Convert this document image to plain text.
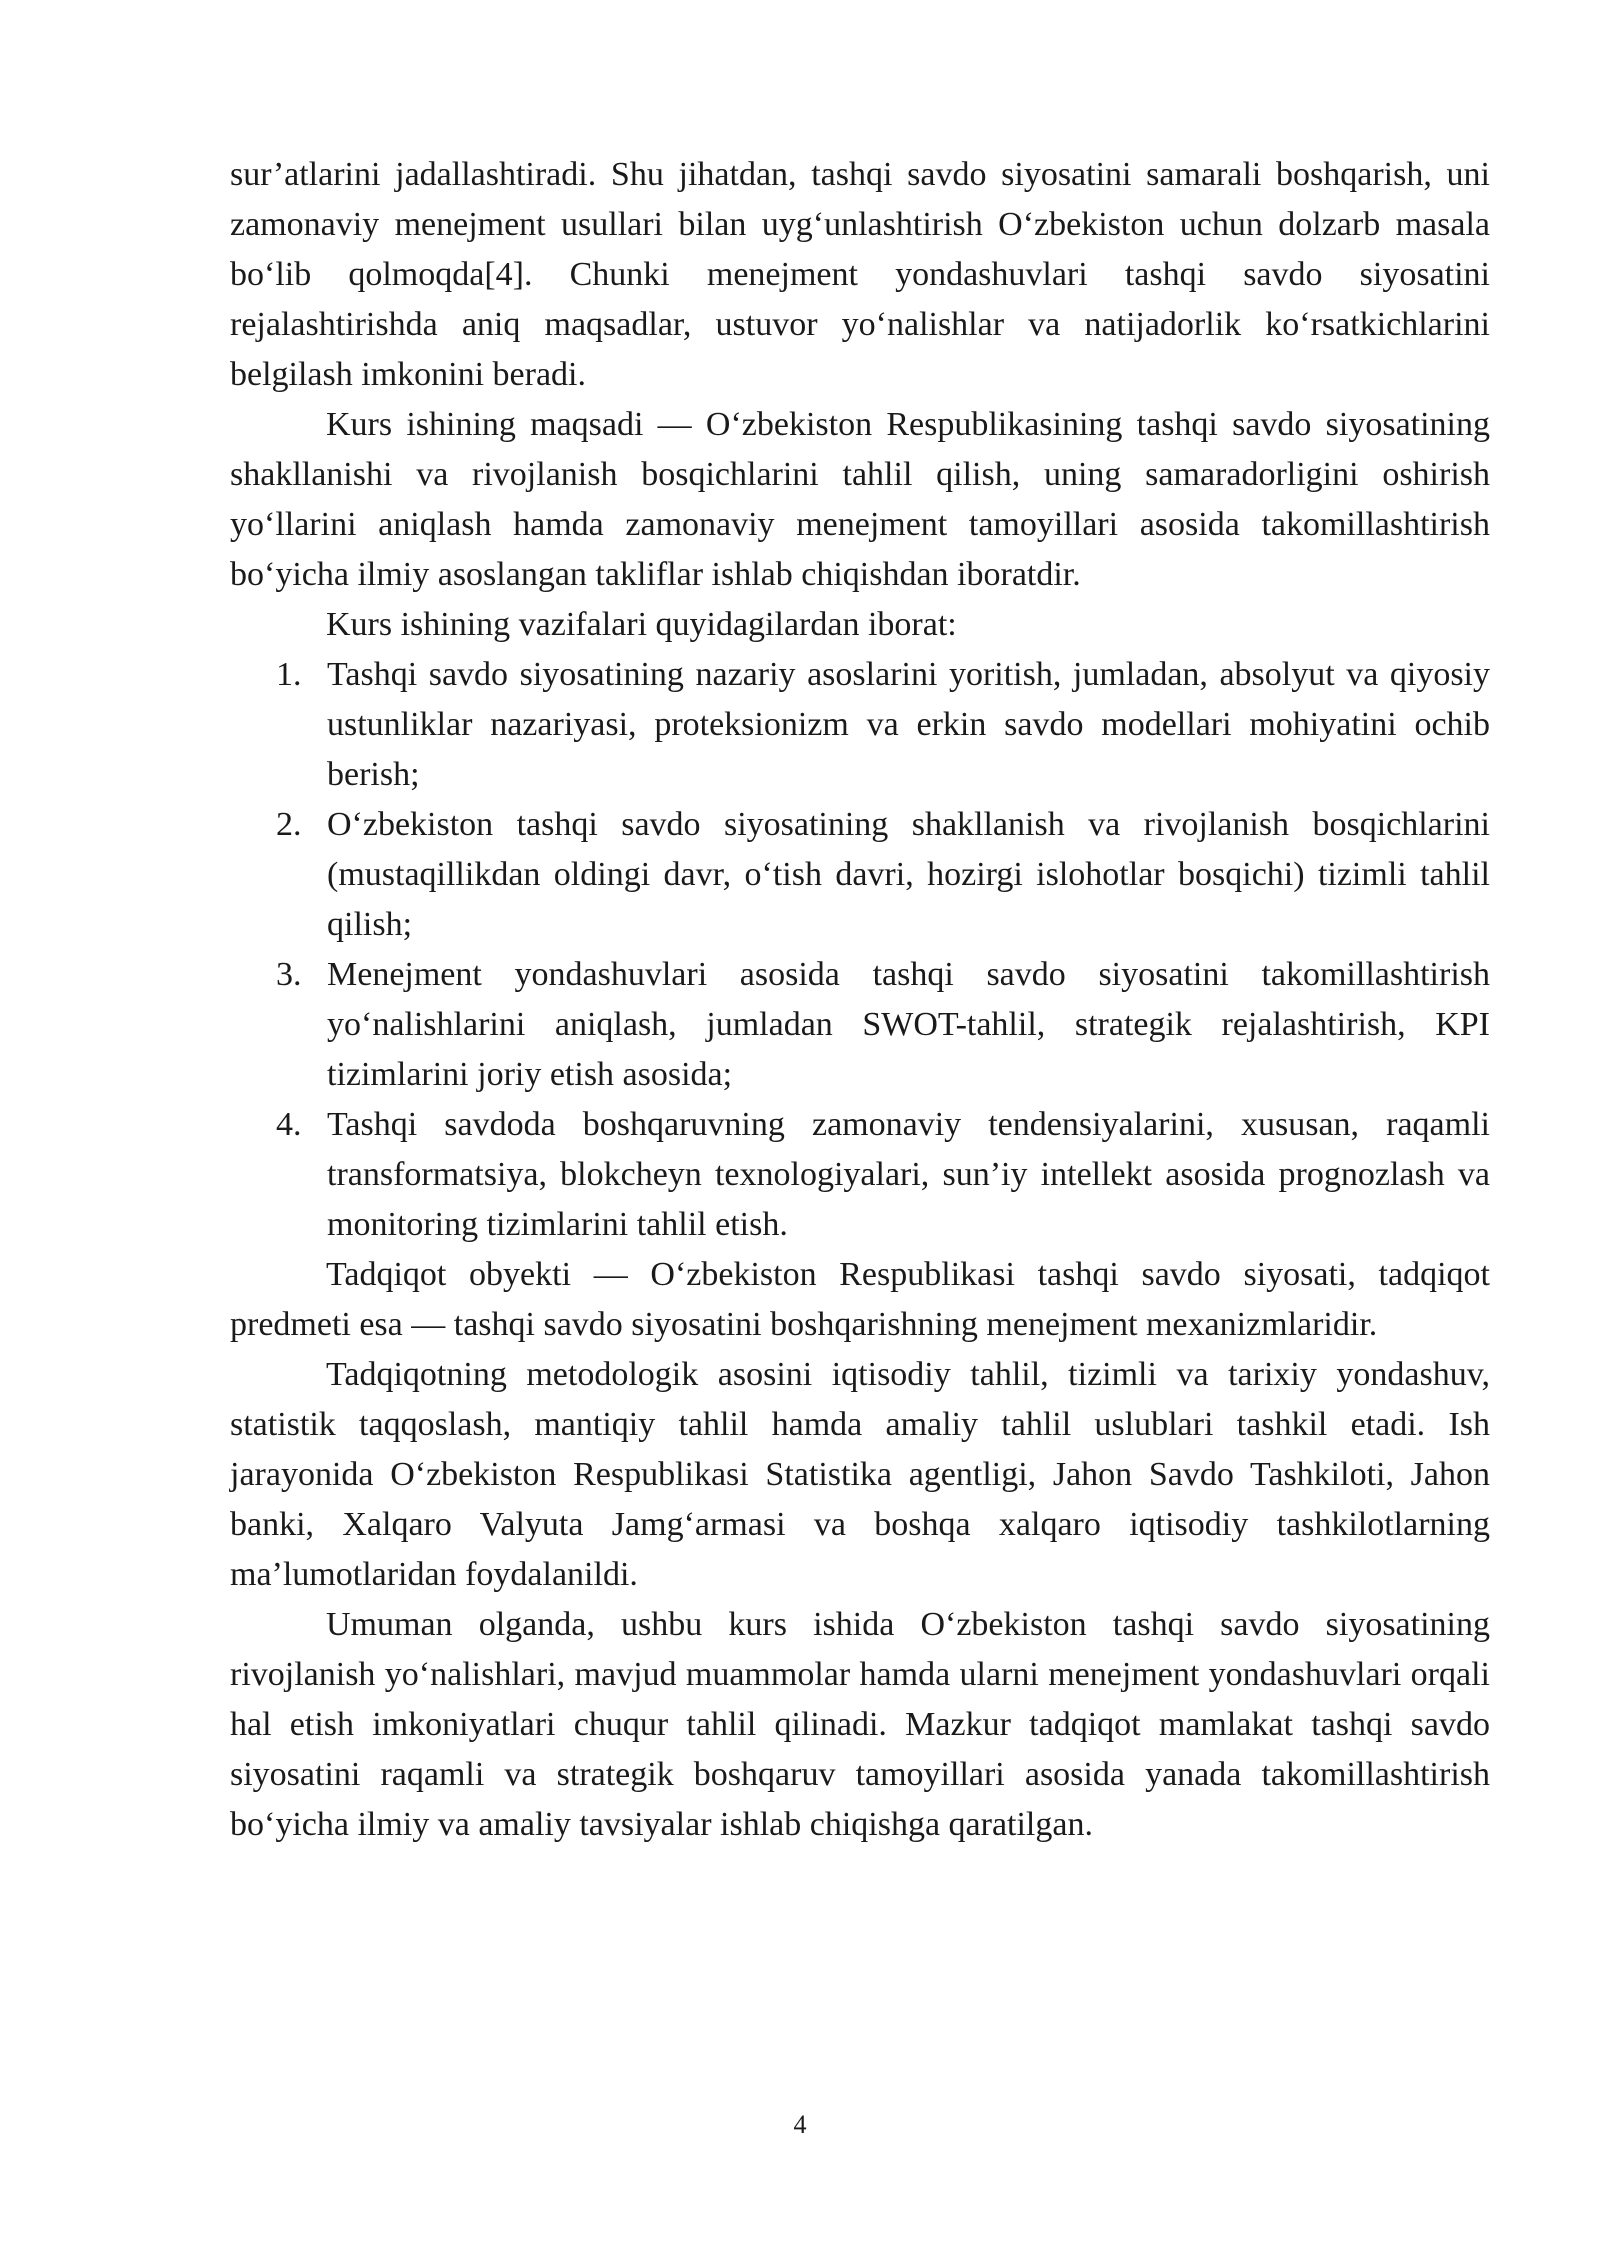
sur’atlarini jadallashtiradi. Shu jihatdan, tashqi savdo siyosatini samarali boshqarish, uni zamonaviy menejment usullari bilan uyg‘unlashtirish O‘zbekiston uchun dolzarb masala bo‘lib qolmoqda[4]. Chunki menejment yondashuvlari tashqi savdo siyosatini rejalashtirishda aniq maqsadlar, ustuvor yo‘nalishlar va natijadorlik ko‘rsatkichlarini belgilash imkonini beradi.

Kurs ishining maqsadi — O‘zbekiston Respublikasining tashqi savdo siyosatining shakllanishi va rivojlanish bosqichlarini tahlil qilish, uning samaradorligini oshirish yo‘llarini aniqlash hamda zamonaviy menejment tamoyillari asosida takomillashtirish bo‘yicha ilmiy asoslangan takliflar ishlab chiqishdan iboratdir.

Kurs ishining vazifalari quyidagilardan iborat:

1. Tashqi savdo siyosatining nazariy asoslarini yoritish, jumladan, absolyut va qiyosiy ustunliklar nazariyasi, proteksionizm va erkin savdo modellari mohiyatini ochib berish;
2. O‘zbekiston tashqi savdo siyosatining shakllanish va rivojlanish bosqichlarini (mustaqillikdan oldingi davr, o‘tish davri, hozirgi islohotlar bosqichi) tizimli tahlil qilish;
3. Menejment yondashuvlari asosida tashqi savdo siyosatini takomillashtirish yo‘nalishlarini aniqlash, jumladan SWOT-tahlil, strategik rejalashtirish, KPI tizimlarini joriy etish asosida;
4. Tashqi savdoda boshqaruvning zamonaviy tendensiyalarini, xususan, raqamli transformatsiya, blokcheyn texnologiyalari, sun’iy intellekt asosida prognozlash va monitoring tizimlarini tahlil etish.

Tadqiqot obyekti — O‘zbekiston Respublikasi tashqi savdo siyosati, tadqiqot predmeti esa — tashqi savdo siyosatini boshqarishning menejment mexanizmlaridir.

Tadqiqotning metodologik asosini iqtisodiy tahlil, tizimli va tarixiy yondashuv, statistik taqqoslash, mantiqiy tahlil hamda amaliy tahlil uslublari tashkil etadi. Ish jarayonida O‘zbekiston Respublikasi Statistika agentligi, Jahon Savdo Tashkiloti, Jahon banki, Xalqaro Valyuta Jamg‘armasi va boshqa xalqaro iqtisodiy tashkilotlarning ma’lumotlaridan foydalanildi.

Umuman olganda, ushbu kurs ishida O‘zbekiston tashqi savdo siyosatining rivojlanish yo‘nalishlari, mavjud muammolar hamda ularni menejment yondashuvlari orqali hal etish imkoniyatlari chuqur tahlil qilinadi. Mazkur tadqiqot mamlakat tashqi savdo siyosatini raqamli va strategik boshqaruv tamoyillari asosida yanada takomillashtirish bo‘yicha ilmiy va amaliy tavsiyalar ishlab chiqishga qaratilgan.

4
